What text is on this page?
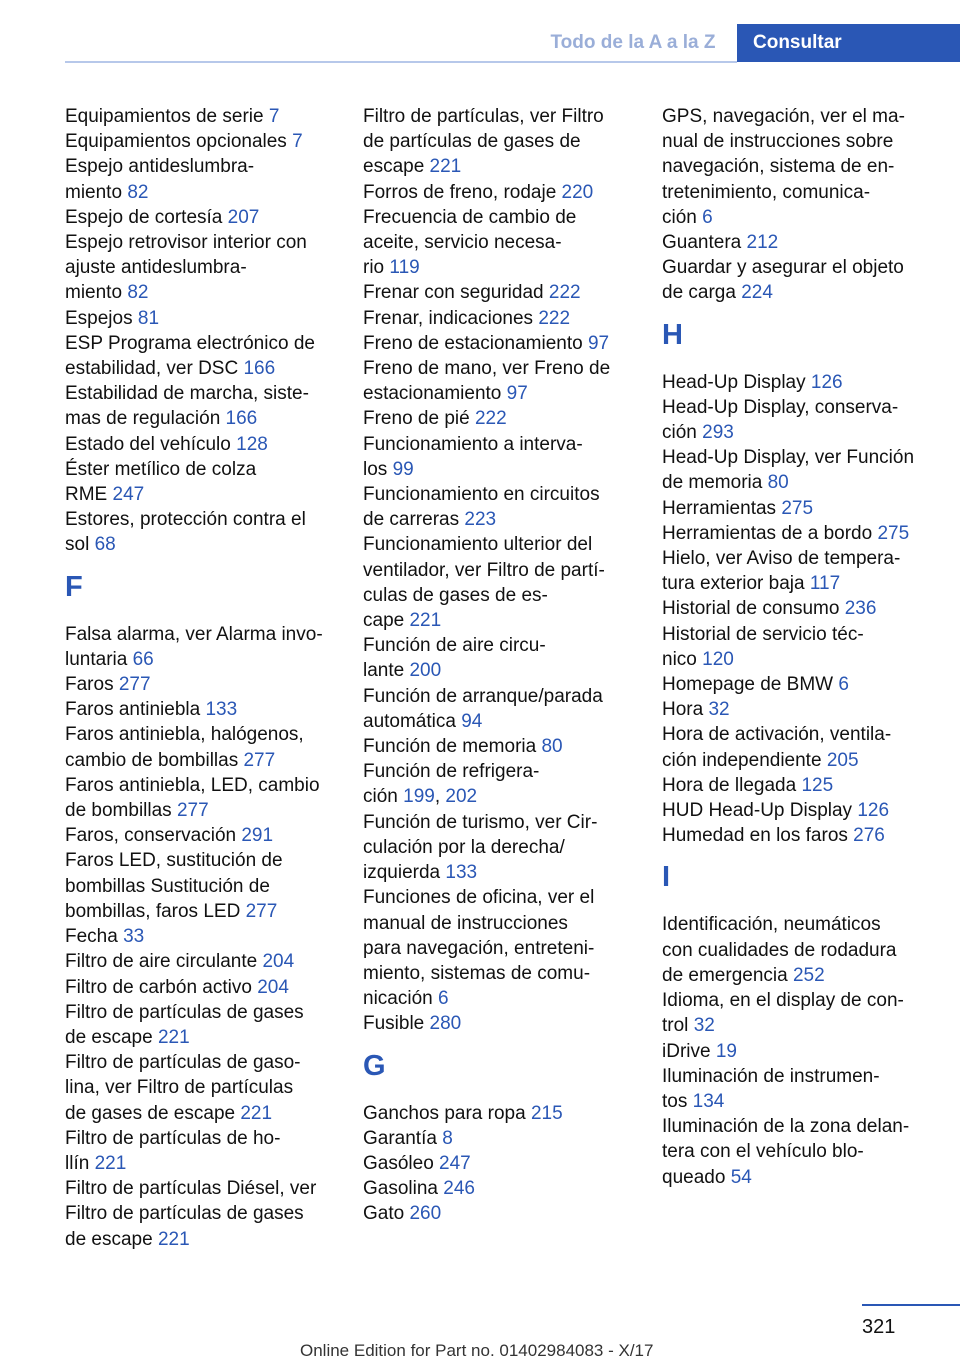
Todo de la A a la Z	Consultar
Equipamientos de serie 7
Equipamientos opcionales 7
Espejo antideslumbra-
miento 82
Espejo de cortesía 207
Espejo retrovisor interior con
ajuste antideslumbra-
miento 82
Espejos 81
ESP Programa electrónico de
estabilidad, ver DSC 166
Estabilidad de marcha, siste-
mas de regulación 166
Estado del vehículo 128
Éster metílico de colza
RME 247
Estores, protección contra el
sol 68
F
Falsa alarma, ver Alarma invo-
luntaria 66
Faros 277
Faros antiniebla 133
Faros antiniebla, halógenos,
cambio de bombillas 277
Faros antiniebla, LED, cambio
de bombillas 277
Faros, conservación 291
Faros LED, sustitución de
bombillas Sustitución de
bombillas, faros LED 277
Fecha 33
Filtro de aire circulante 204
Filtro de carbón activo 204
Filtro de partículas de gases
de escape 221
Filtro de partículas de gaso-
lina, ver Filtro de partículas
de gases de escape 221
Filtro de partículas de ho-
llín 221
Filtro de partículas Diésel, ver
Filtro de partículas de gases
de escape 221
Filtro de partículas, ver Filtro
de partículas de gases de
escape 221
Forros de freno, rodaje 220
Frecuencia de cambio de
aceite, servicio necesa-
rio 119
Frenar con seguridad 222
Frenar, indicaciones 222
Freno de estacionamiento 97
Freno de mano, ver Freno de
estacionamiento 97
Freno de pié 222
Funcionamiento a interva-
los 99
Funcionamiento en circuitos
de carreras 223
Funcionamiento ulterior del
ventilador, ver Filtro de partí-
culas de gases de es-
cape 221
Función de aire circu-
lante 200
Función de arranque/parada
automática 94
Función de memoria 80
Función de refrigera-
ción 199, 202
Función de turismo, ver Cir-
culación por la derecha/
izquierda 133
Funciones de oficina, ver el
manual de instrucciones
para navegación, entreteni-
miento, sistemas de comu-
nicación 6
Fusible 280
G
Ganchos para ropa 215
Garantía 8
Gasóleo 247
Gasolina 246
Gato 260
GPS, navegación, ver el ma-
nual de instrucciones sobre
navegación, sistema de en-
tretenimiento, comunica-
ción 6
Guantera 212
Guardar y asegurar el objeto
de carga 224
H
Head-Up Display 126
Head-Up Display, conserva-
ción 293
Head-Up Display, ver Función
de memoria 80
Herramientas 275
Herramientas de a bordo 275
Hielo, ver Aviso de tempera-
tura exterior baja 117
Historial de consumo 236
Historial de servicio téc-
nico 120
Homepage de BMW 6
Hora 32
Hora de activación, ventila-
ción independiente 205
Hora de llegada 125
HUD Head-Up Display 126
Humedad en los faros 276
I
Identificación, neumáticos
con cualidades de rodadura
de emergencia 252
Idioma, en el display de con-
trol 32
iDrive 19
Iluminación de instrumen-
tos 134
Iluminación de la zona delan-
tera con el vehículo blo-
queado 54
321
Online Edition for Part no. 01402984083 - X/17
